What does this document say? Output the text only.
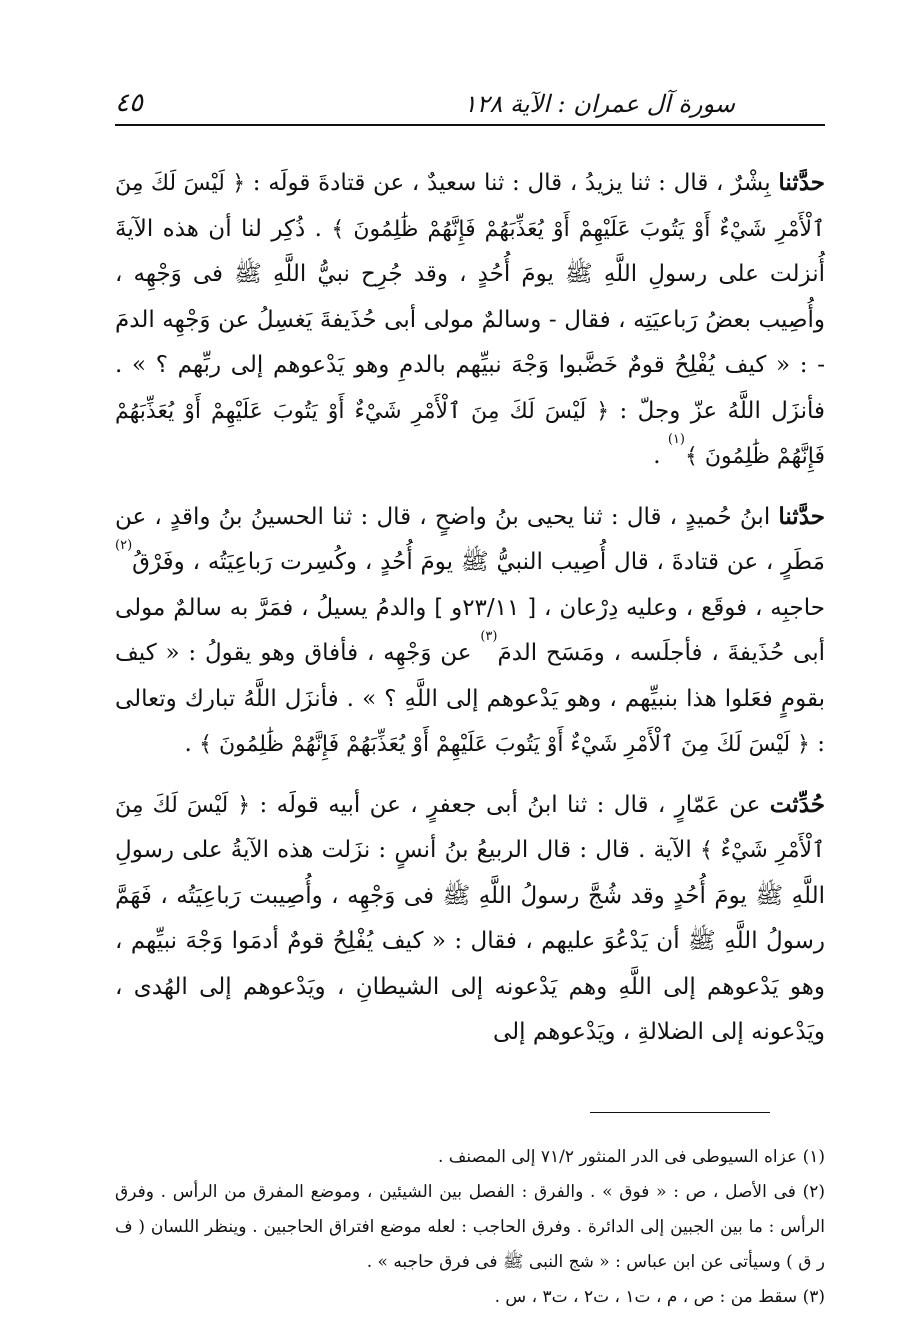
سورة آل عمران : الآية ١٢٨
٤٥

حدَّثنا بِشْرٌ ، قال : ثنا يزيدُ ، قال : ثنا سعيدٌ ، عن قتادةَ قولَه : ﴿ لَيْسَ لَكَ مِنَ ٱلْأَمْرِ شَيْءٌ أَوْ يَتُوبَ عَلَيْهِمْ أَوْ يُعَذِّبَهُمْ فَإِنَّهُمْ ظَٰلِمُونَ ﴾ . ذُكِر لنا أن هذه الآيةَ أُنزلت على رسولِ اللَّهِ ﷺ يومَ أُحُدٍ ، وقد جُرِح نبيُّ اللَّهِ ﷺ فى وَجْهِه ، وأُصِيب بعضُ رَباعيَتِه ، فقال - وسالمٌ مولى أبى حُذَيفةَ يَغسِلُ عن وَجْهِه الدمَ - : « كيف يُفْلِحُ قومٌ خَضَّبوا وَجْهَ نبيِّهم بالدمِ وهو يَدْعوهم إلى ربِّهم ؟ » . فأنزَل اللَّهُ عزّ وجلّ : ﴿ لَيْسَ لَكَ مِنَ ٱلْأَمْرِ شَيْءٌ أَوْ يَتُوبَ عَلَيْهِمْ أَوْ يُعَذِّبَهُمْ فَإِنَّهُمْ ظَٰلِمُونَ ﴾$^{(١)}$ .

حدَّثنا ابنُ حُميدٍ ، قال : ثنا يحيى بنُ واضحٍ ، قال : ثنا الحسينُ بنُ واقدٍ ، عن مَطَرٍ ، عن قتادةَ ، قال أُصِيب النبيُّ ﷺ يومَ أُحُدٍ ، وكُسِرت رَباعِيَتُه ، وفَرْقُ$^{(٢)}$ حاجبِه ، فوقَع ، وعليه دِرْعان ، [ ٢٣/١١و ] والدمُ يسيلُ ، فمَرَّ به سالمٌ مولى أبى حُذَيفةَ ، فأجلَسه ، ومَسَح الدمَ$^{(٣)}$ عن وَجْهِه ، فأفاق وهو يقولُ : « كيف بقومٍ فعَلوا هذا بنبيِّهم ، وهو يَدْعوهم إلى اللَّهِ ؟ » . فأنزَل اللَّهُ تبارك وتعالى : ﴿ لَيْسَ لَكَ مِنَ ٱلْأَمْرِ شَيْءٌ أَوْ يَتُوبَ عَلَيْهِمْ أَوْ يُعَذِّبَهُمْ فَإِنَّهُمْ ظَٰلِمُونَ ﴾ .

حُدِّثت عن عَمّارٍ ، قال : ثنا ابنُ أبى جعفرٍ ، عن أبيه قولَه : ﴿ لَيْسَ لَكَ مِنَ ٱلْأَمْرِ شَيْءٌ ﴾ الآية . قال : قال الربيعُ بنُ أنسٍ : نزَلت هذه الآيةُ على رسولِ اللَّهِ ﷺ يومَ أُحُدٍ وقد شُجَّ رسولُ اللَّهِ ﷺ فى وَجْهِه ، وأُصِيبت رَباعِيَتُه ، فَهَمَّ رسولُ اللَّهِ ﷺ أن يَدْعُوَ عليهم ، فقال : « كيف يُفْلِحُ قومٌ أدمَوا وَجْهَ نبيِّهم ، وهو يَدْعوهم إلى اللَّهِ وهم يَدْعونه إلى الشيطانِ ، ويَدْعوهم إلى الهُدى ، ويَدْعونه إلى الضلالةِ ، ويَدْعوهم إلى

(١) عزاه السيوطى فى الدر المنثور ٧١/٢ إلى المصنف .

(٢) فى الأصل ، ص : « فوق » . والفرق : الفصل بين الشيئين ، وموضع المفرق من الرأس . وفرق الرأس : ما بين الجبين إلى الدائرة . وفرق الحاجب : لعله موضع افتراق الحاجبين . وينظر اللسان ( ف ر ق ) وسيأتى عن ابن عباس : « شج النبى ﷺ فى فرق حاجبه » .

(٣) سقط من : ص ، م ، ت١ ، ت٢ ، ت٣ ، س .
